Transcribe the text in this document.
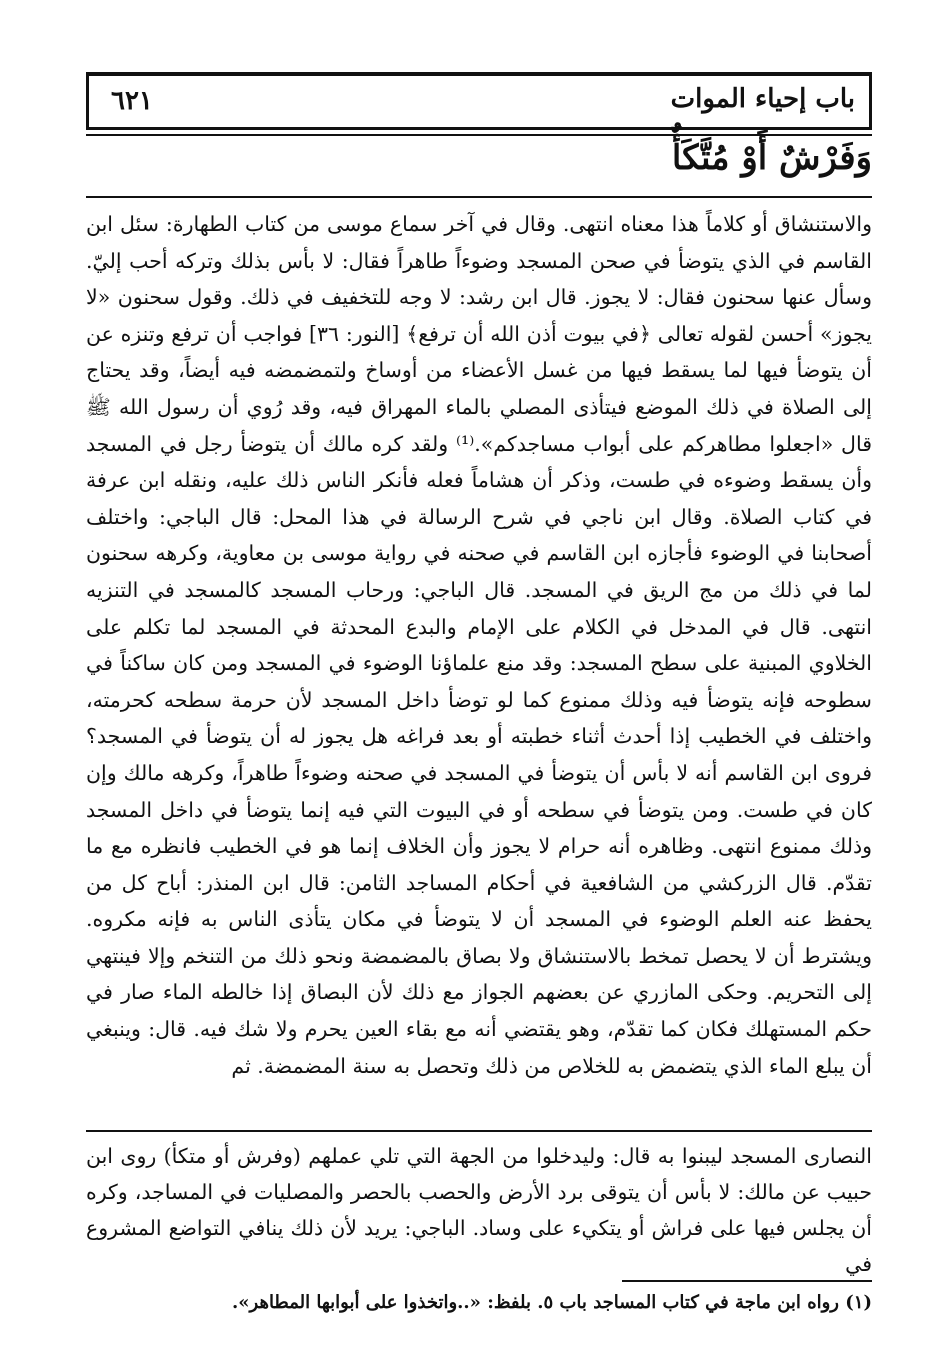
باب إحياء الموات
٦٢١
وَفَرْشٌ أَوْ مُتَّكَأٌ
والاستنشاق أو كلاماً هذا معناه انتهى. وقال في آخر سماع موسى من كتاب الطهارة: سئل ابن القاسم في الذي يتوضأ في صحن المسجد وضوءاً طاهراً فقال: لا بأس بذلك وتركه أحب إليّ. وسأل عنها سحنون فقال: لا يجوز. قال ابن رشد: لا وجه للتخفيف في ذلك. وقول سحنون «لا يجوز» أحسن لقوله تعالى ﴿في بيوت أذن الله أن ترفع﴾ [النور: ٣٦] فواجب أن ترفع وتنزه عن أن يتوضأ فيها لما يسقط فيها من غسل الأعضاء من أوساخ ولتمضمضه فيه أيضاً، وقد يحتاج إلى الصلاة في ذلك الموضع فيتأذى المصلي بالماء المهراق فيه، وقد رُوي أن رسول الله ﷺ قال «اجعلوا مطاهركم على أبواب مساجدكم».⁽¹⁾ ولقد كره مالك أن يتوضأ رجل في المسجد وأن يسقط وضوءه في طست، وذكر أن هشاماً فعله فأنكر الناس ذلك عليه، ونقله ابن عرفة في كتاب الصلاة. وقال ابن ناجي في شرح الرسالة في هذا المحل: قال الباجي: واختلف أصحابنا في الوضوء فأجازه ابن القاسم في صحنه في رواية موسى بن معاوية، وكرهه سحنون لما في ذلك من مج الريق في المسجد. قال الباجي: ورحاب المسجد كالمسجد في التنزيه انتهى. قال في المدخل في الكلام على الإمام والبدع المحدثة في المسجد لما تكلم على الخلاوي المبنية على سطح المسجد: وقد منع علماؤنا الوضوء في المسجد ومن كان ساكناً في سطوحه فإنه يتوضأ فيه وذلك ممنوع كما لو توضأ داخل المسجد لأن حرمة سطحه كحرمته، واختلف في الخطيب إذا أحدث أثناء خطبته أو بعد فراغه هل يجوز له أن يتوضأ في المسجد؟ فروى ابن القاسم أنه لا بأس أن يتوضأ في المسجد في صحنه وضوءاً طاهراً، وكرهه مالك وإن كان في طست. ومن يتوضأ في سطحه أو في البيوت التي فيه إنما يتوضأ في داخل المسجد وذلك ممنوع انتهى. وظاهره أنه حرام لا يجوز وأن الخلاف إنما هو في الخطيب فانظره مع ما تقدّم. قال الزركشي من الشافعية في أحكام المساجد الثامن: قال ابن المنذر: أباح كل من يحفظ عنه العلم الوضوء في المسجد أن لا يتوضأ في مكان يتأذى الناس به فإنه مكروه. ويشترط أن لا يحصل تمخط بالاستنشاق ولا بصاق بالمضمضة ونحو ذلك من التنخم وإلا فينتهي إلى التحريم. وحكى المازري عن بعضهم الجواز مع ذلك لأن البصاق إذا خالطه الماء صار في حكم المستهلك فكان كما تقدّم، وهو يقتضي أنه مع بقاء العين يحرم ولا شك فيه. قال: وينبغي أن يبلع الماء الذي يتضمض به للخلاص من ذلك وتحصل به سنة المضمضة. ثم
النصارى المسجد ليبنوا به قال: وليدخلوا من الجهة التي تلي عملهم (وفرش أو متكأ) روى ابن حبيب عن مالك: لا بأس أن يتوقى برد الأرض والحصب بالحصر والمصليات في المساجد، وكره أن يجلس فيها على فراش أو يتكيء على وساد. الباجي: يريد لأن ذلك ينافي التواضع المشروع في
(١) رواه ابن ماجة في كتاب المساجد باب ٥. بلفظ: «..واتخذوا على أبوابها المطاهر».
